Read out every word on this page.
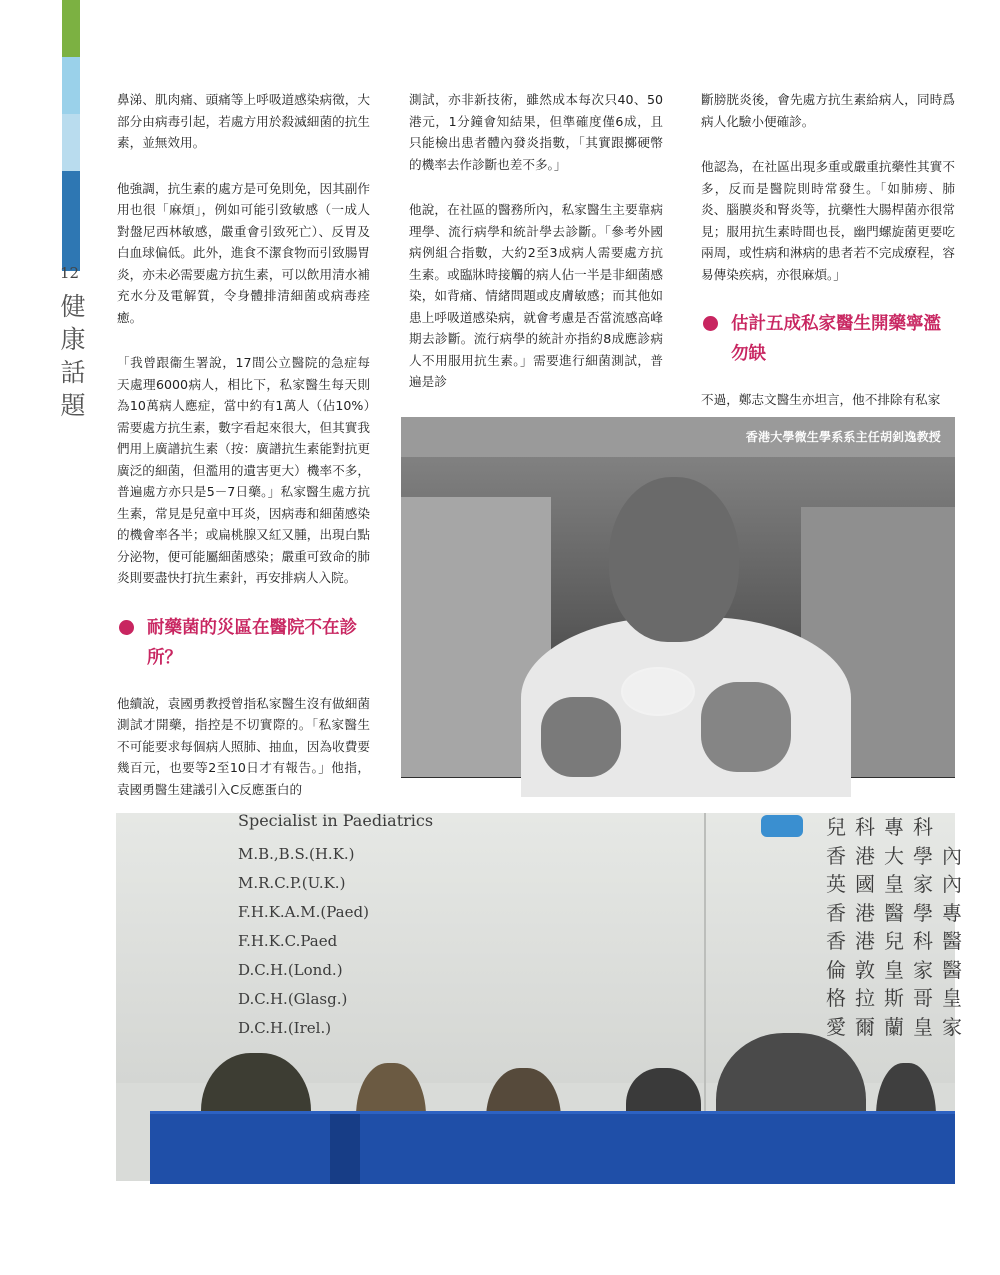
12
健康話題

鼻涕、肌肉痛、頭痛等上呼吸道感染病徵，大部分由病毒引起，若處方用於殺滅細菌的抗生素，並無效用。

他強調，抗生素的處方是可免則免，因其副作用也很「麻煩」，例如可能引致敏感（一成人對盤尼西林敏感，嚴重會引致死亡）、反胃及白血球偏低。此外，進食不潔食物而引致腸胃炎，亦未必需要處方抗生素，可以飲用清水補充水分及電解質，令身體排清細菌或病毒痊癒。

「我曾跟衞生署說，17間公立醫院的急症每天處理6000病人，相比下，私家醫生每天則為10萬病人應症，當中約有1萬人（佔10%）需要處方抗生素，數字看起來很大，但其實我們用上廣譜抗生素（按：廣譜抗生素能對抗更廣泛的細菌，但濫用的遺害更大）機率不多，普遍處方亦只是5－7日藥。」私家醫生處方抗生素，常見是兒童中耳炎，因病毒和細菌感染的機會率各半；或扁桃腺又紅又腫，出現白點分泌物，便可能屬細菌感染；嚴重可致命的肺炎則要盡快打抗生素針，再安排病人入院。

耐藥菌的災區在醫院不在診所？

他續說，袁國勇教授曾指私家醫生沒有做細菌測試才開藥，指控是不切實際的。「私家醫生不可能要求每個病人照肺、抽血，因為收費要幾百元，也要等2至10日才有報告。」他指，袁國勇醫生建議引入C反應蛋白的

測試，亦非新技術，雖然成本每次只40、50港元，1分鐘會知結果，但準確度僅6成，且只能檢出患者體內發炎指數，「其實跟擲硬幣的機率去作診斷也差不多。」

他說，在社區的醫務所內，私家醫生主要靠病理學、流行病學和統計學去診斷。「參考外國病例組合指數，大約2至3成病人需要處方抗生素。或臨牀時接觸的病人佔一半是非細菌感染，如背痛、情緒問題或皮膚敏感；而其他如患上呼吸道感染病，就會考慮是否當流感高峰期去診斷。流行病學的統計亦指約8成應診病人不用服用抗生素。」需要進行細菌測試，普遍是診

斷膀胱炎後，會先處方抗生素給病人，同時爲病人化驗小便確診。

他認為，在社區出現多重或嚴重抗藥性其實不多，反而是醫院則時常發生。「如肺痨、肺炎、腦膜炎和腎炎等，抗藥性大腸桿菌亦很常見；服用抗生素時間也長，幽門螺旋菌更要吃兩周，或性病和淋病的患者若不完成療程，容易傳染疾病，亦很麻煩。」

估計五成私家醫生開藥寧濫勿缺

不過，鄭志文醫生亦坦言，他不排除有私家

香港大學微生學系系主任胡釗逸教授
Specialist in Paediatrics
M.B.,B.S.(H.K.)
M.R.C.P.(U.K.)
F.H.K.A.M.(Paed)
F.H.K.C.Paed
D.C.H.(Lond.)
D.C.H.(Glasg.)
D.C.H.(Irel.)
兒科專科
香港大學內
英國皇家內
香港醫學專
香港兒科醫
倫敦皇家醫
格拉斯哥皇
愛爾蘭皇家
